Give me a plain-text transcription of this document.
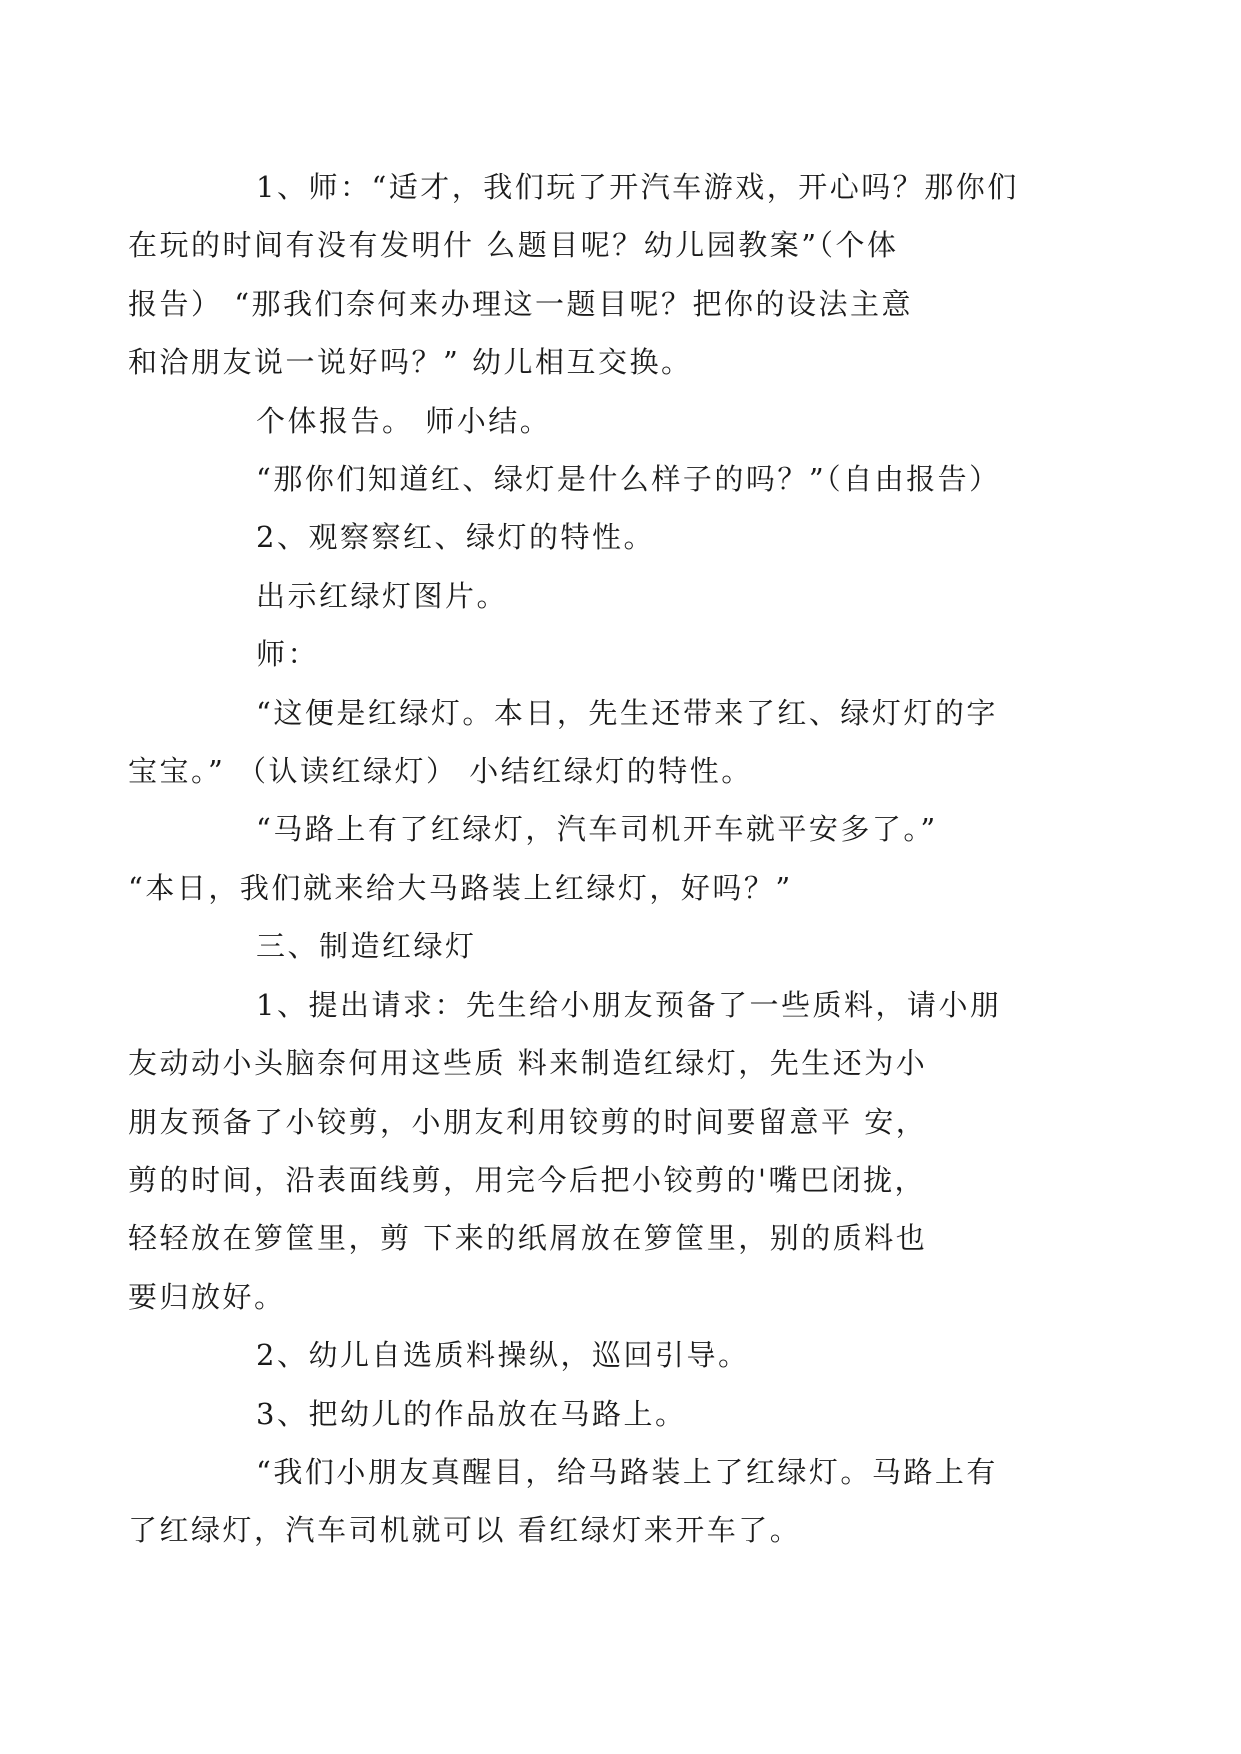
1、师：“适才，我们玩了开汽车游戏，开心吗？那你们
在玩的时间有没有发明什 么题目呢？幼儿园教案”（个体
报告） “那我们奈何来办理这一题目呢？把你的设法主意
和洽朋友说一说好吗？” 幼儿相互交换。

个体报告。 师小结。

“那你们知道红、绿灯是什么样子的吗？”（自由报告）

2、观察察红、绿灯的特性。

出示红绿灯图片。

师：

“这便是红绿灯。本日，先生还带来了红、绿灯灯的字
宝宝。” （认读红绿灯） 小结红绿灯的特性。

“马路上有了红绿灯，汽车司机开车就平安多了。”
“本日，我们就来给大马路装上红绿灯，好吗？”

三、制造红绿灯

1、提出请求：先生给小朋友预备了一些质料，请小朋
友动动小头脑奈何用这些质 料来制造红绿灯，先生还为小
朋友预备了小铰剪，小朋友利用铰剪的时间要留意平 安，
剪的时间，沿表面线剪，用完今后把小铰剪的'嘴巴闭拢，
轻轻放在箩筐里，剪 下来的纸屑放在箩筐里，别的质料也
要归放好。

2、幼儿自选质料操纵，巡回引导。

3、把幼儿的作品放在马路上。

“我们小朋友真醒目，给马路装上了红绿灯。马路上有
了红绿灯，汽车司机就可以 看红绿灯来开车了。
